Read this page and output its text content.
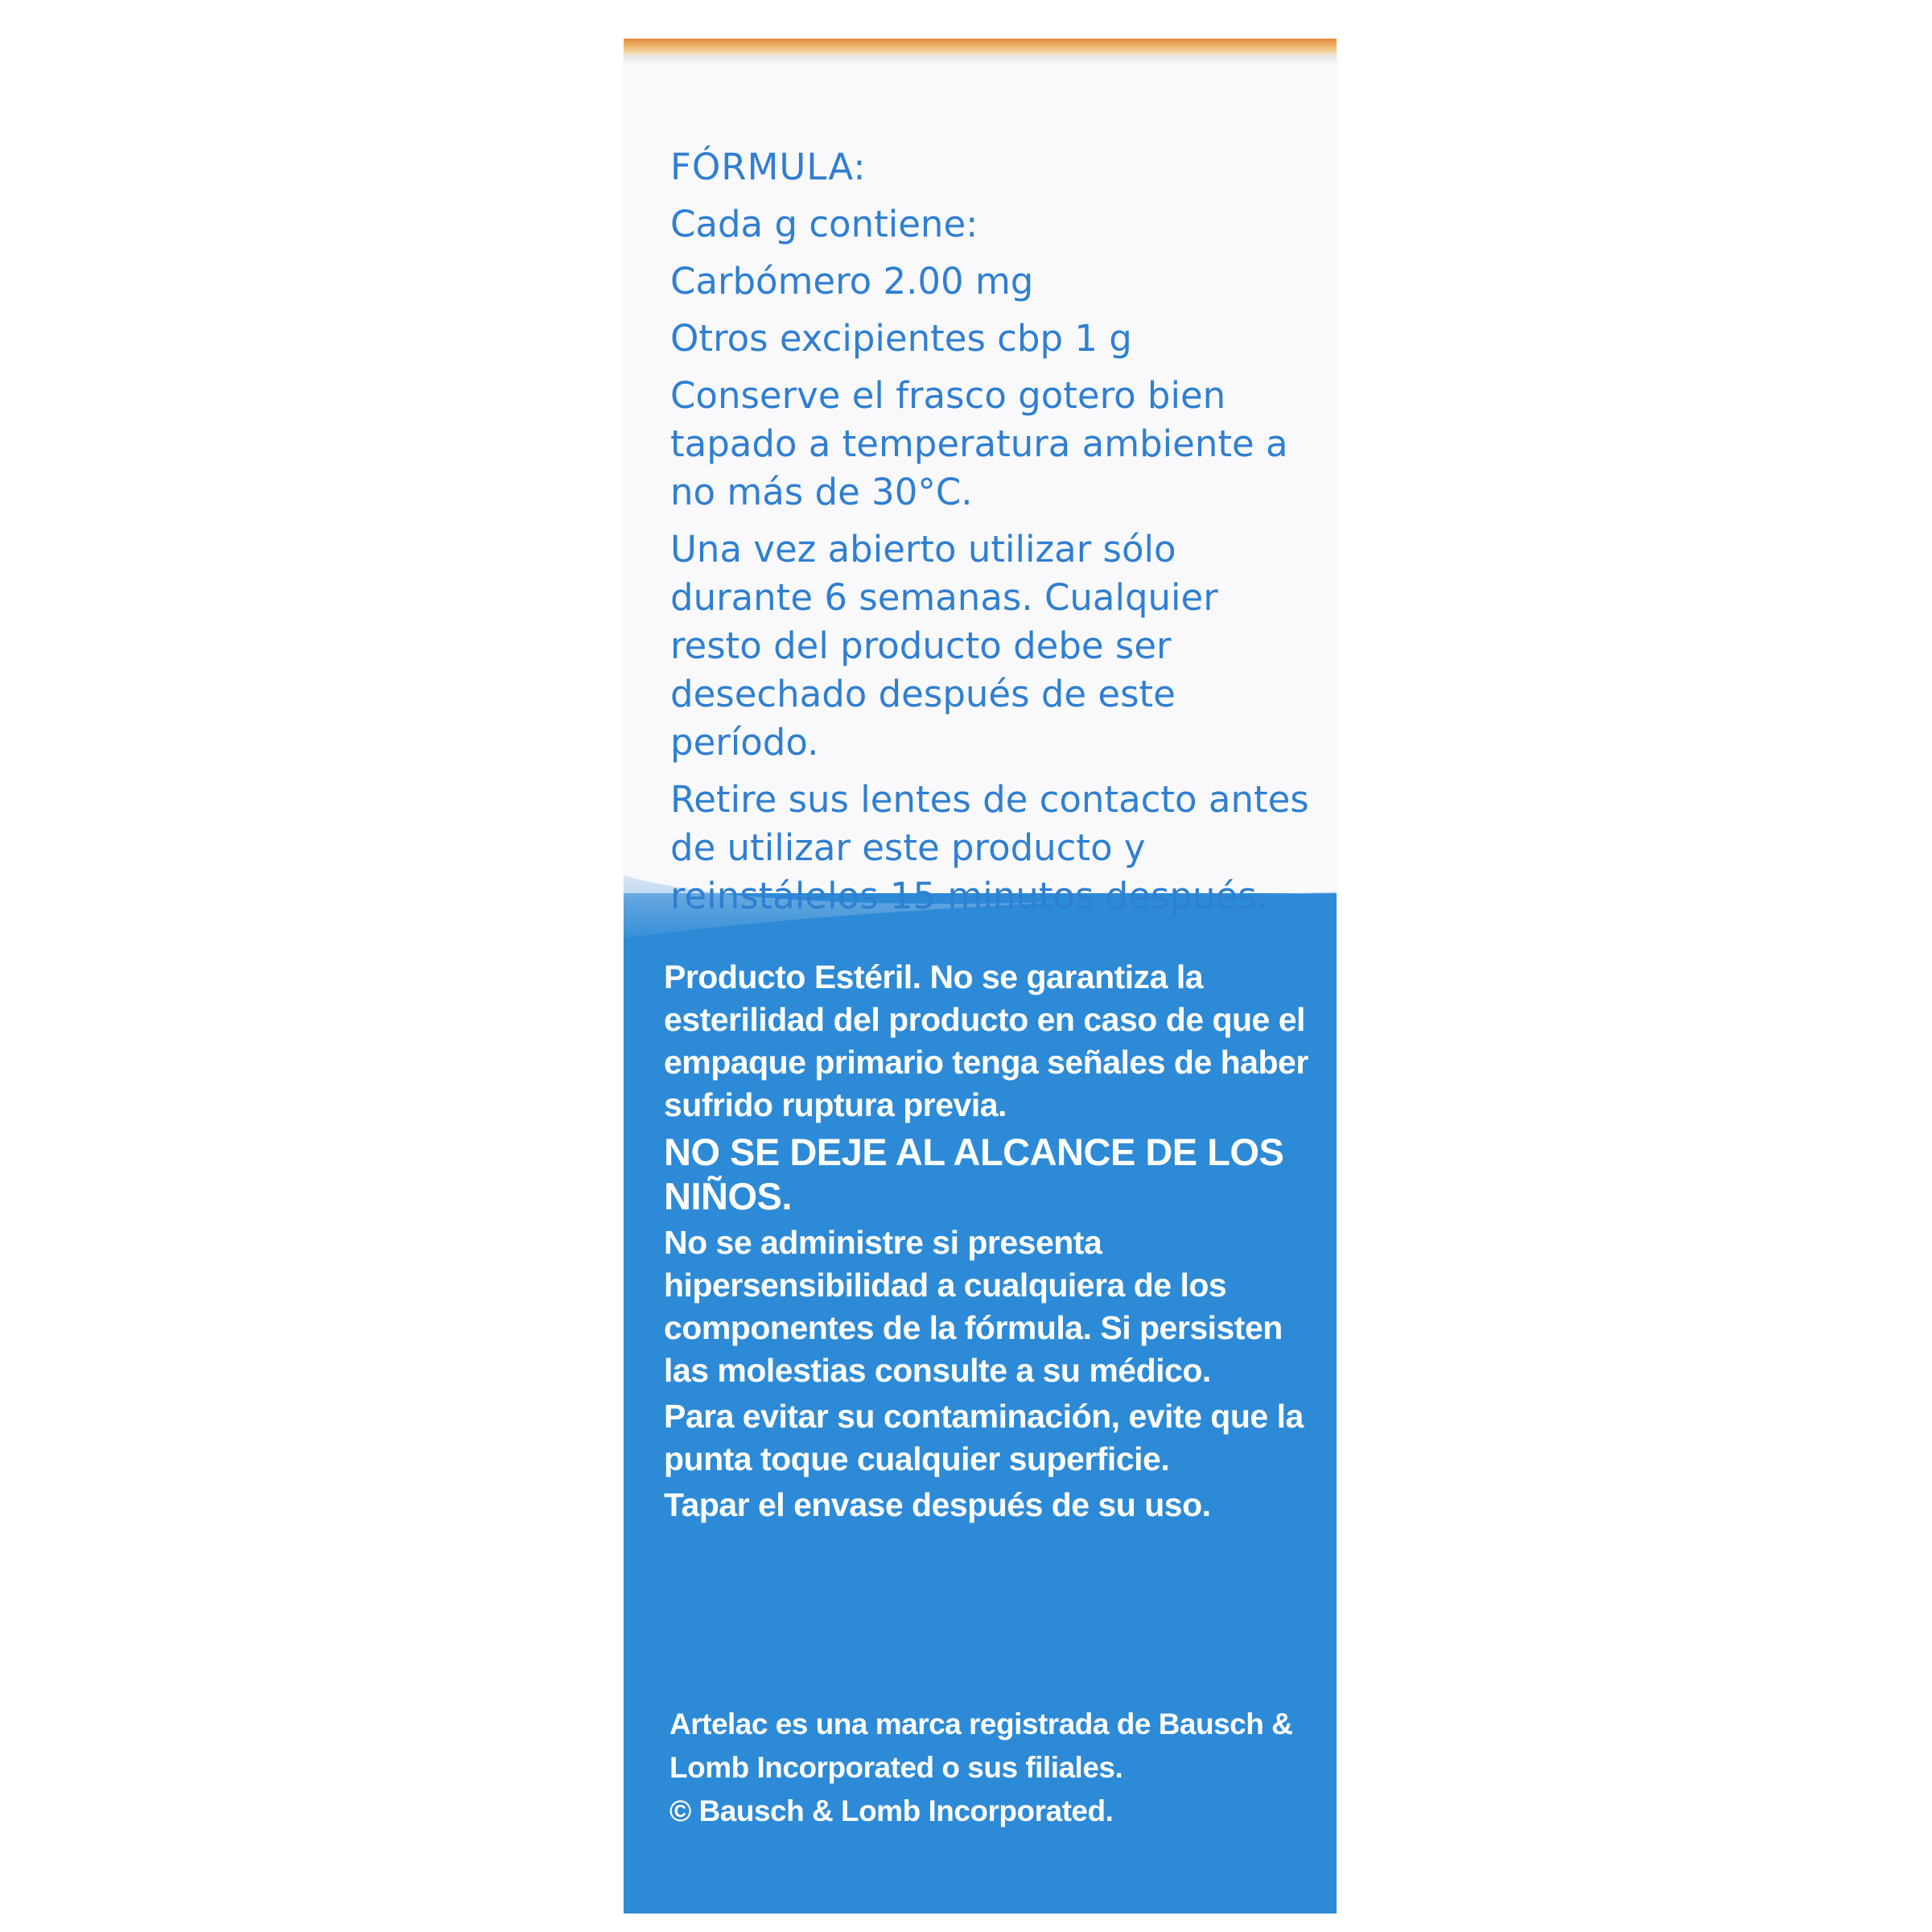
FÓRMULA:

Cada g contiene:

Carbómero 2.00 mg

Otros excipientes cbp 1 g

Conserve el frasco gotero bien tapado a temperatura ambiente a no más de 30°C.

Una vez abierto utilizar sólo durante 6 semanas. Cualquier resto del producto debe ser desechado después de este período.

Retire sus lentes de contacto antes de utilizar este producto y reinstálelos 15 minutos después.

Producto Estéril. No se garantiza la esterilidad del producto en caso de que el empaque primario tenga señales de haber sufrido ruptura previa.

NO SE DEJE AL ALCANCE DE LOS NIÑOS.

No se administre si presenta hipersensibilidad a cualquiera de los componentes de la fórmula. Si persisten las molestias consulte a su médico.

Para evitar su contaminación, evite que la punta toque cualquier superficie.

Tapar el envase después de su uso.

Artelac es una marca registrada de Bausch & Lomb Incorporated o sus filiales.

© Bausch & Lomb Incorporated.
